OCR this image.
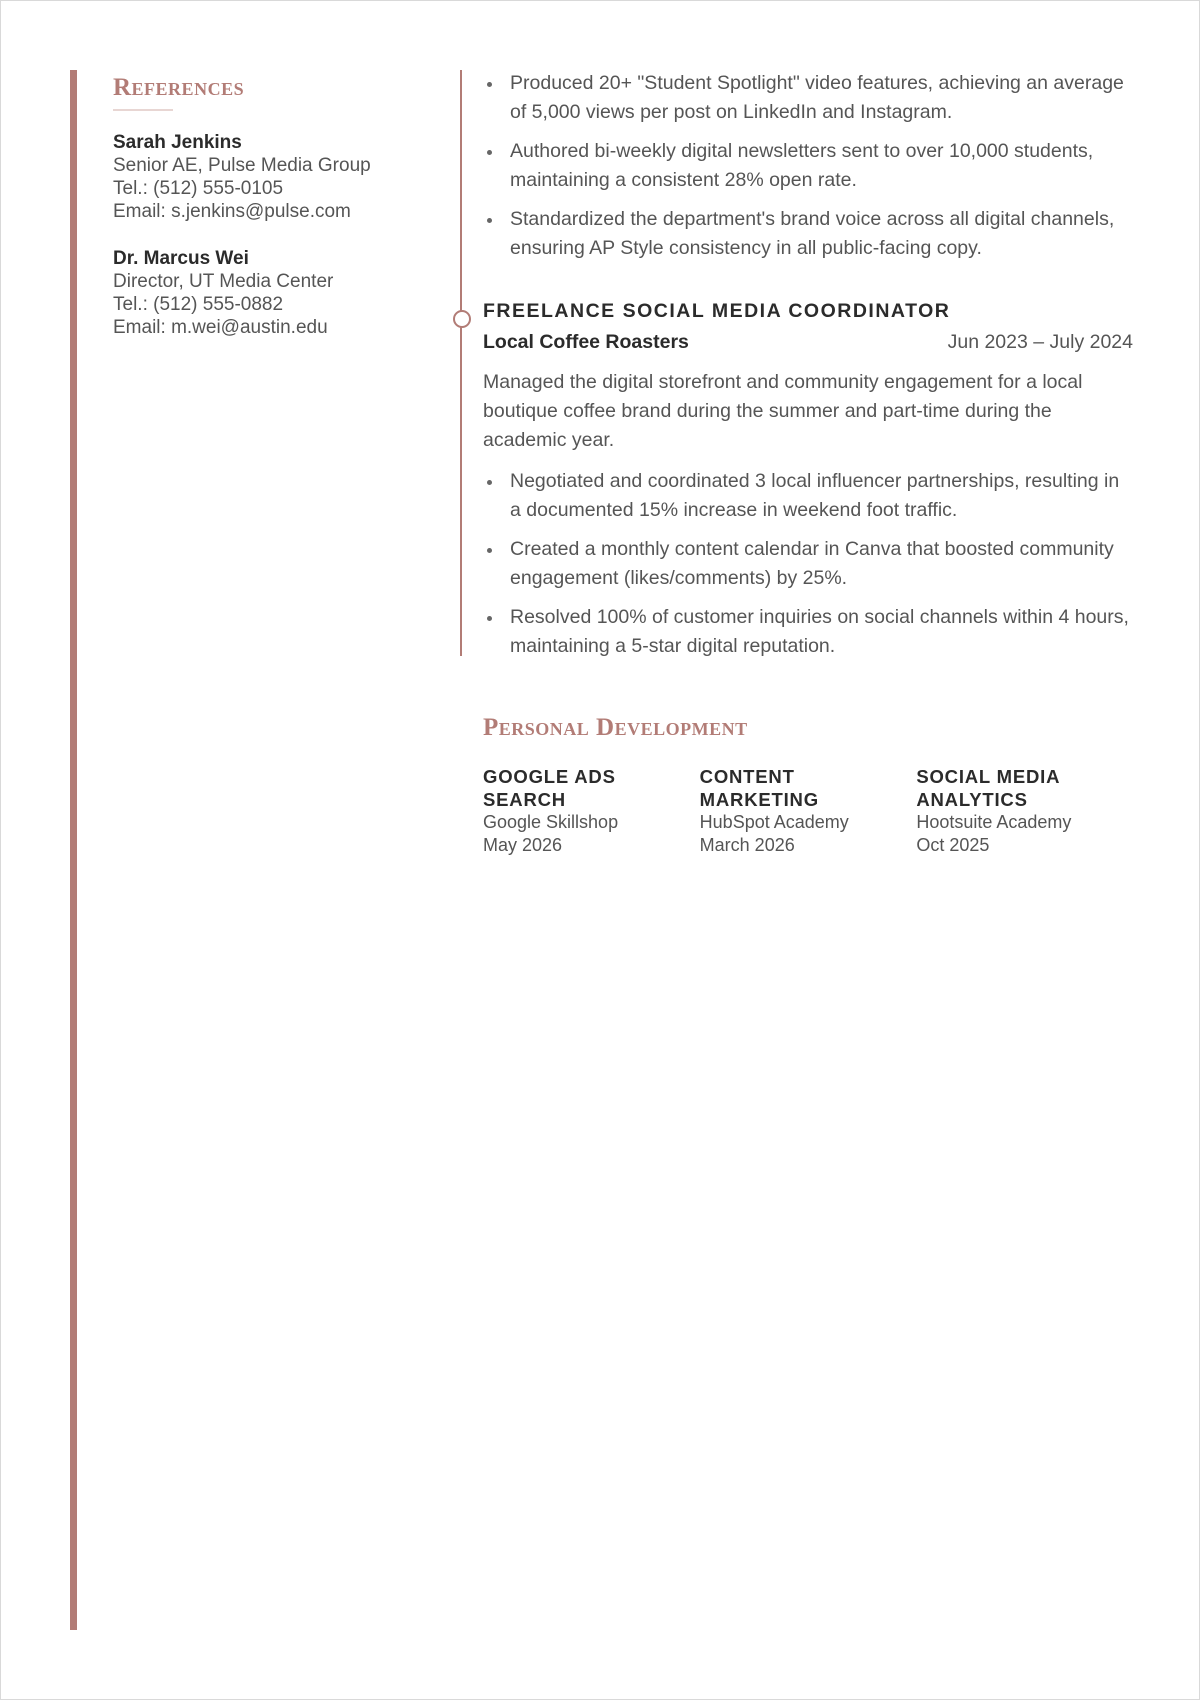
References
Sarah Jenkins
Senior AE, Pulse Media Group
Tel.: (512) 555-0105
Email: s.jenkins@pulse.com
Dr. Marcus Wei
Director, UT Media Center
Tel.: (512) 555-0882
Email: m.wei@austin.edu
Produced 20+ "Student Spotlight" video features, achieving an average of 5,000 views per post on LinkedIn and Instagram.
Authored bi-weekly digital newsletters sent to over 10,000 students, maintaining a consistent 28% open rate.
Standardized the department's brand voice across all digital channels, ensuring AP Style consistency in all public-facing copy.
FREELANCE SOCIAL MEDIA COORDINATOR
Local Coffee Roasters	Jun 2023 – July 2024
Managed the digital storefront and community engagement for a local boutique coffee brand during the summer and part-time during the academic year.
Negotiated and coordinated 3 local influencer partnerships, resulting in a documented 15% increase in weekend foot traffic.
Created a monthly content calendar in Canva that boosted community engagement (likes/comments) by 25%.
Resolved 100% of customer inquiries on social channels within 4 hours, maintaining a 5-star digital reputation.
Personal Development
GOOGLE ADS SEARCH
Google Skillshop
May 2026
CONTENT MARKETING
HubSpot Academy
March 2026
SOCIAL MEDIA ANALYTICS
Hootsuite Academy
Oct 2025
